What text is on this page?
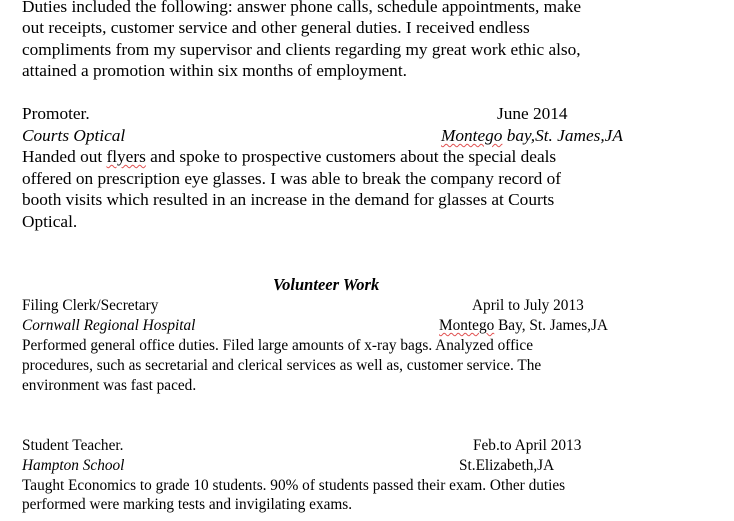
Duties included the following: answer phone calls, schedule appointments, make
out receipts, customer service and other general duties. I received endless
compliments from my supervisor and clients regarding my great work ethic also,
attained a promotion within six months of employment.
Promoter.	June 2014
Courts Optical	Montego bay,St. James,JA
Handed out flyers and spoke to prospective customers about the special deals
offered on prescription eye glasses. I was able to break the company record of
booth visits which resulted in an increase in the demand for glasses at Courts
Optical.
Volunteer Work
Filing Clerk/Secretary	April to July 2013
Cornwall Regional Hospital	Montego Bay, St. James,JA
Performed general office duties. Filed large amounts of x-ray bags. Analyzed office
procedures, such as secretarial and clerical services as well as, customer service. The
environment was fast paced.
Student Teacher.	Feb.to April 2013
Hampton School	St.Elizabeth,JA
Taught Economics to grade 10 students. 90% of students passed their exam. Other duties
performed were marking tests and invigilating exams.
